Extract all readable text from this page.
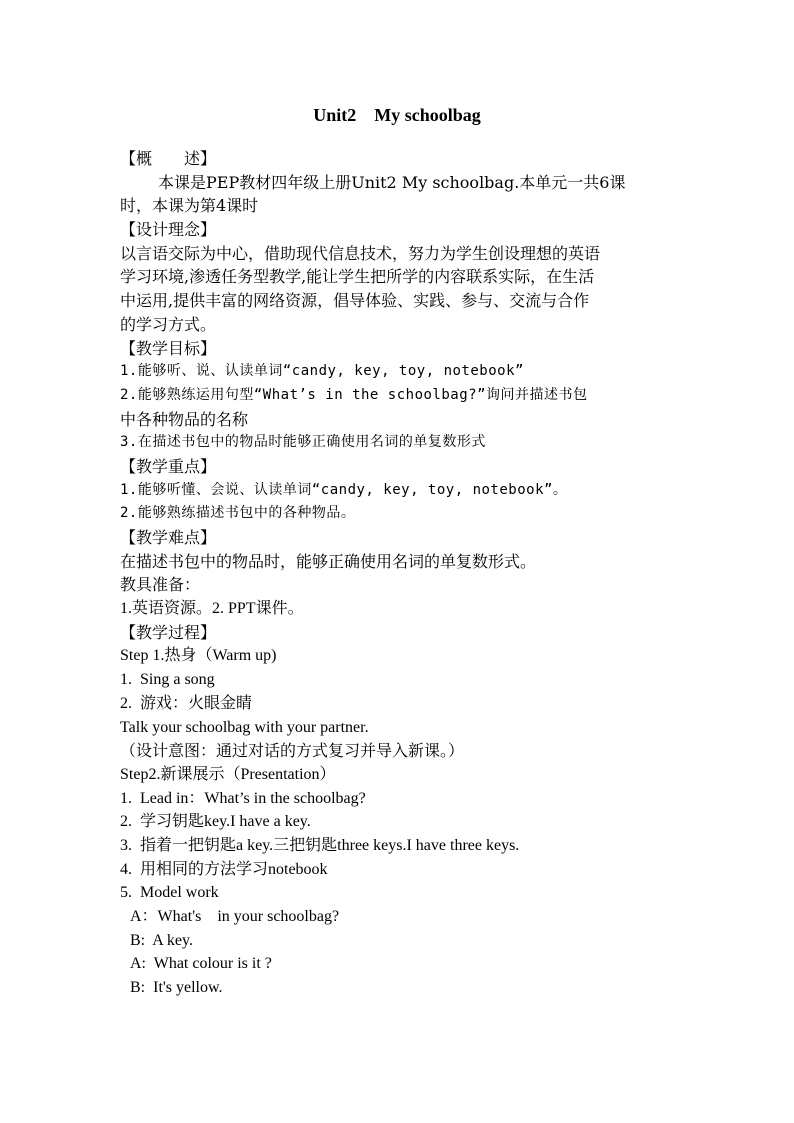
Unit2　My schoolbag
【概　　述】
本课是PEP教材四年级上册Unit2 My schoolbag.本单元一共6课
时，本课为第4课时
【设计理念】
以言语交际为中心，借助现代信息技术，努力为学生创设理想的英语
学习环境,渗透任务型教学,能让学生把所学的内容联系实际，在生活
中运用,提供丰富的网络资源，倡导体验、实践、参与、交流与合作
的学习方式。
【教学目标】
1.能够听、说、认读单词“candy, key, toy, notebook”
2.能够熟练运用句型“What’s in the schoolbag?”询问并描述书包
中各种物品的名称
3.在描述书包中的物品时能够正确使用名词的单复数形式
【教学重点】
1.能够听懂、会说、认读单词“candy, key, toy, notebook”。
2.能够熟练描述书包中的各种物品。
【教学难点】
在描述书包中的物品时，能够正确使用名词的单复数形式。
教具准备：
1.英语资源。2. PPT课件。
【教学过程】
Step 1.热身（Warm up)
1.  Sing a song
2.  游戏：火眼金睛
Talk your schoolbag with your partner.
（设计意图：通过对话的方式复习并导入新课。）
Step2.新课展示（Presentation）
1.  Lead in：What’s in the schoolbag?
2.  学习钥匙key.I have a key.
3.  指着一把钥匙a key.三把钥匙three keys.I have three keys.
4.  用相同的方法学习notebook
5.  Model work
A：What's    in your schoolbag?
B:  A key.
A:  What colour is it ?
B:  It's yellow.
